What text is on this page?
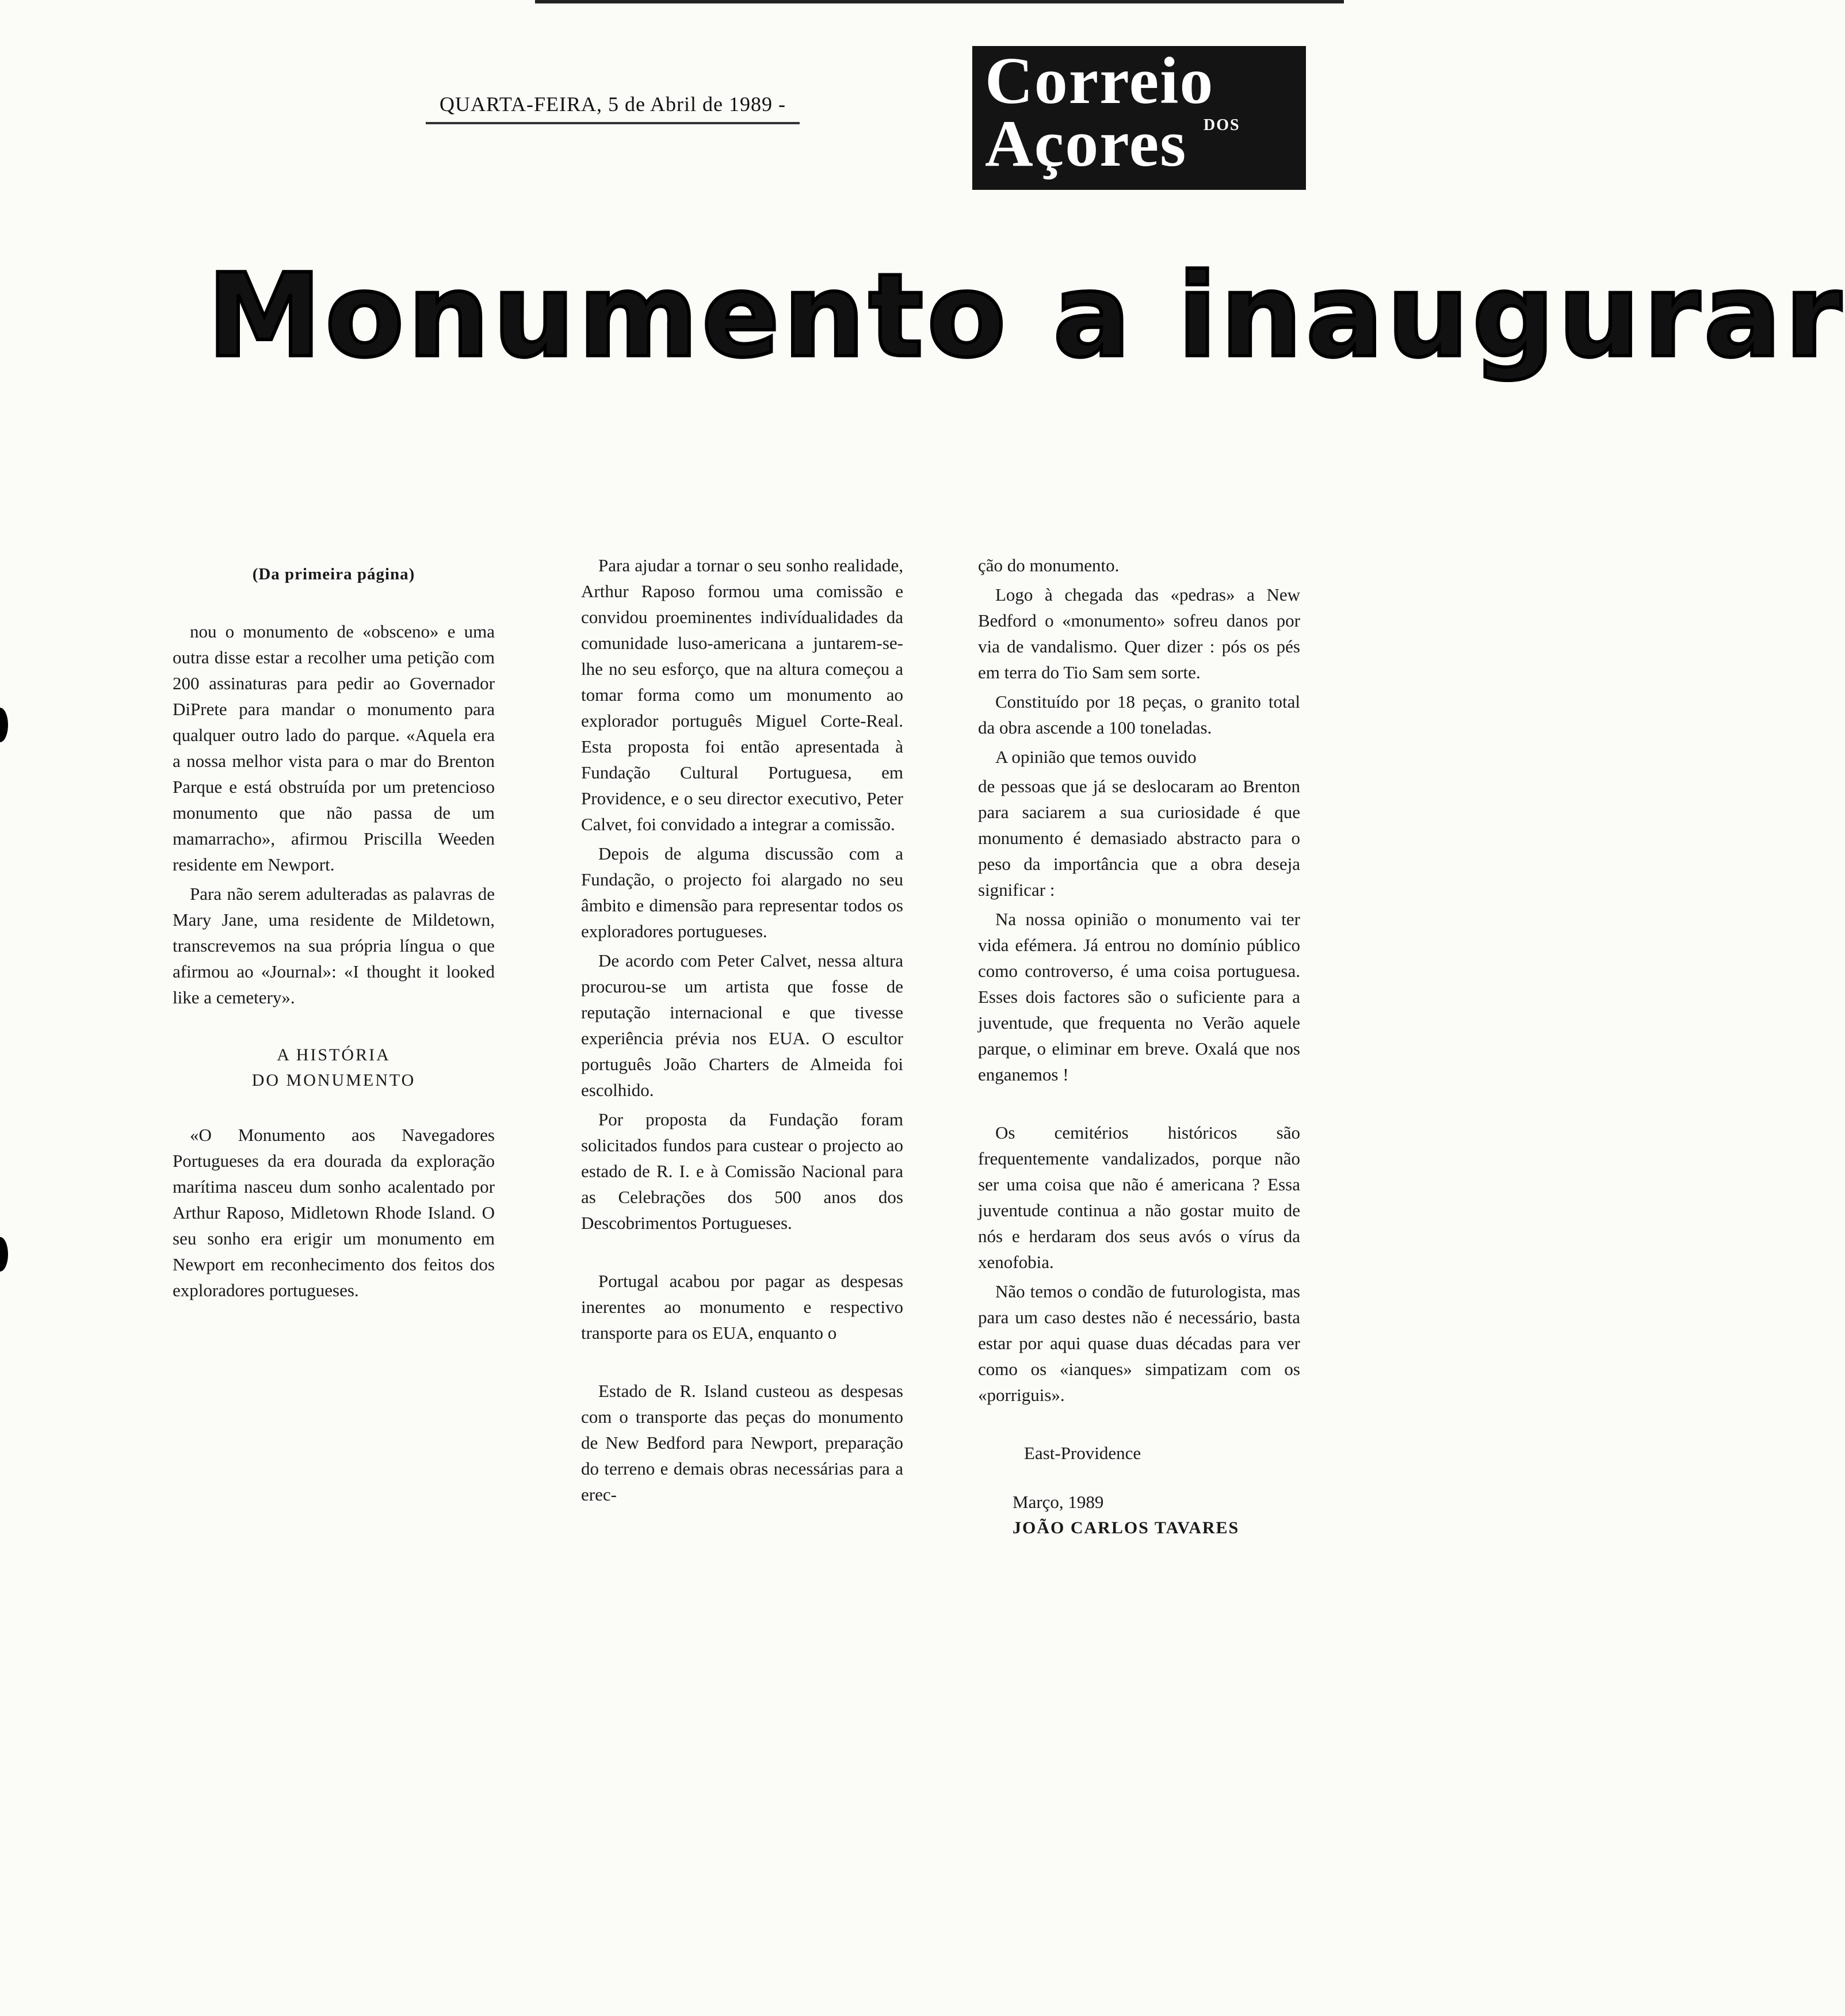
QUARTA-FEIRA, 5 de Abril de 1989 -	Correio
Açores DOS
Monumento a inaugurar
(Da primeira página)

nou o monumento de «obsceno» e uma outra disse estar a recolher uma petição com 200 assinaturas para pedir ao Governador DiPrete para mandar o monumento para qualquer outro lado do parque. «Aquela era a nossa melhor vista para o mar do Brenton Parque e está obstruída por um pretencioso monumento que não passa de um mamarracho», afirmou Priscilla Weeden residente em Newport.

Para não serem adulteradas as palavras de Mary Jane, uma residente de Mildetown, transcrevemos na sua própria língua o que afirmou ao «Journal»: «I thought it looked like a cemetery».

A HISTÓRIA
DO MONUMENTO

«O Monumento aos Navegadores Portugueses da era dourada da exploração marítima nasceu dum sonho acalentado por Arthur Raposo, Midletown Rhode Island. O seu sonho era erigir um monumento em Newport em reconhecimento dos feitos dos exploradores portugueses.

Para ajudar a tornar o seu sonho realidade, Arthur Raposo formou uma comissão e convidou proeminentes indivídualidades da comunidade luso-americana a juntarem-se-lhe no seu esforço, que na altura começou a tomar forma como um monumento ao explorador português Miguel Corte-Real. Esta proposta foi então apresentada à Fundação Cultural Portuguesa, em Providence, e o seu director executivo, Peter Calvet, foi convidado a integrar a comissão.

Depois de alguma discussão com a Fundação, o projecto foi alargado no seu âmbito e dimensão para representar todos os exploradores portugueses.

De acordo com Peter Calvet, nessa altura procurou-se um artista que fosse de reputação internacional e que tivesse experiência prévia nos EUA. O escultor português João Charters de Almeida foi escolhido.

Por proposta da Fundação foram solicitados fundos para custear o projecto ao estado de R. I. e à Comissão Nacional para as Celebrações dos 500 anos dos Descobrimentos Portugueses.

Portugal acabou por pagar as despesas inerentes ao monumento e respectivo transporte para os EUA, enquanto o

Estado de R. Island custeou as despesas com o transporte das peças do monumento de New Bedford para Newport, preparação do terreno e demais obras necessárias para a erec-

ção do monumento.

Logo à chegada das «pedras» a New Bedford o «monumento» sofreu danos por via de vandalismo. Quer dizer : pós os pés em terra do Tio Sam sem sorte.

Constituído por 18 peças, o granito total da obra ascende a 100 toneladas.

A opinião que temos ouvido

de pessoas que já se deslocaram ao Brenton para saciarem a sua curiosidade é que monumento é demasiado abstracto para o peso da importância que a obra deseja significar :

Na nossa opinião o monumento vai ter vida efémera. Já entrou no domínio público como controverso, é uma coisa portuguesa. Esses dois factores são o suficiente para a juventude, que frequenta no Verão aquele parque, o eliminar em breve. Oxalá que nos enganemos !

Os cemitérios históricos são frequentemente vandalizados, porque não ser uma coisa que não é americana ? Essa juventude continua a não gostar muito de nós e herdaram dos seus avós o vírus da xenofobia.

Não temos o condão de futurologista, mas para um caso destes não é necessário, basta estar por aqui quase duas décadas para ver como os «ianques» simpatizam com os «porriguis».

East-Providence
Março, 1989
JOÃO CARLOS TAVARES
